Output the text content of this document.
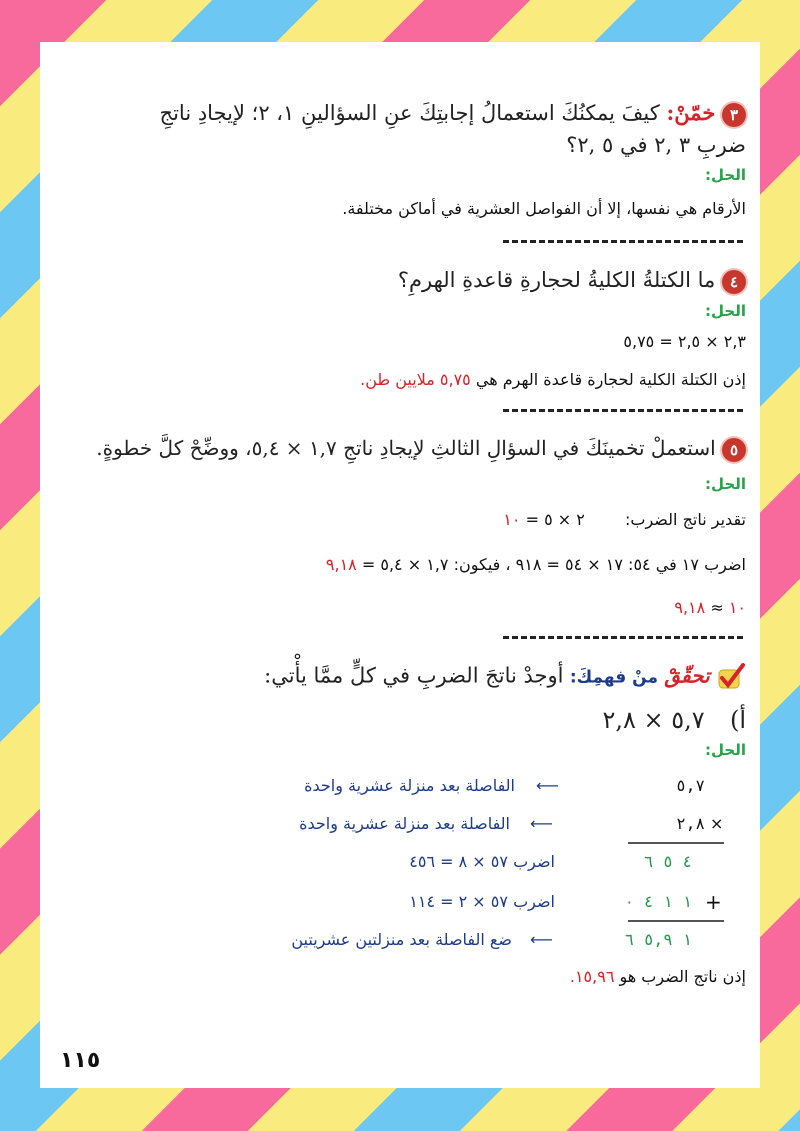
٣ خمّنْ: كيفَ يمكنُكَ استعمالُ إجابتِكَ عنِ السؤالينِ ١، ٢؛ لإيجادِ ناتجِ
ضربِ ٣ ,٢ في ٥ ,٢؟
الحل:
الأرقام هي نفسها، إلا أن الفواصل العشرية في أماكن مختلفة.
٤ ما الكتلةُ الكليةُ لحجارةِ قاعدةِ الهرمِ؟
الحل:
٢,٣ × ٢,٥ = ٥,٧٥
إذن الكتلة الكلية لحجارة قاعدة الهرم هي ٥,٧٥ ملايين طن.
٥ استعملْ تخمينَكَ في السؤالِ الثالثِ لإيجادِ ناتجِ ١,٧ × ٥,٤، ووضِّحْ كلَّ خطوةٍ.
الحل:
تقدير ناتج الضرب:  ٢ × ٥ = ١٠
اضرب ١٧ في ٥٤: ١٧ × ٥٤ = ٩١٨ ، فيكون: ١,٧ × ٥,٤ = ٩,١٨
١٠ ≈ ٩,١٨
تحقّقْ منْ فهمِكَ: أوجدْ ناتجَ الضربِ في كلٍّ ممَّا يأْتي:
أ)  ٥,٧ × ٢,٨
الحل:
٥,٧
⟵
الفاصلة بعد منزلة عشرية واحدة
٢,٨ ×
⟵
الفاصلة بعد منزلة عشرية واحدة
٤ ٥ ٦
اضرب ٥٧ × ٨ = ٤٥٦
١ ١ ٤ ٠ +
اضرب ٥٧ × ٢ = ١١٤
١ ٥,٩ ٦
⟵
ضع الفاصلة بعد منزلتين عشريتين
إذن ناتج الضرب هو ١٥,٩٦.
١١٥
